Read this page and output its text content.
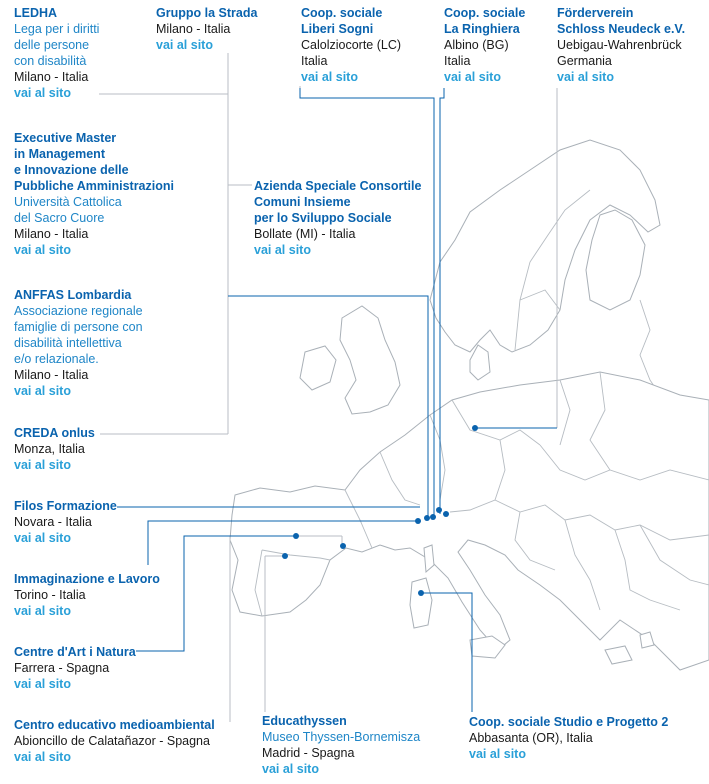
LEDHA
Lega per i diritti
delle persone
con disabilità
Milano - Italia
vai al sito
Gruppo la Strada
Milano - Italia
vai al sito
Coop. sociale
Liberi Sogni
Calolziocorte (LC)
Italia
vai al sito
Coop. sociale
La Ringhiera
Albino (BG)
Italia
vai al sito
Förderverein
Schloss Neudeck e.V.
Uebigau-Wahrenbrück
Germania
vai al sito
Executive Master
in Management
e Innovazione delle
Pubbliche Amministrazioni
Università Cattolica
del Sacro Cuore
Milano - Italia
vai al sito
Azienda Speciale Consortile
Comuni Insieme
per lo Sviluppo Sociale
Bollate (MI) - Italia
vai al sito
ANFFAS Lombardia
Associazione regionale
famiglie di persone con
disabilità intellettiva
e/o relazionale.
Milano - Italia
vai al sito
CREDA onlus
Monza, Italia
vai al sito
Filos Formazione
Novara - Italia
vai al sito
Immaginazione e Lavoro
Torino - Italia
vai al sito
Centre d'Art i Natura
Farrera - Spagna
vai al sito
Centro educativo medioambiental
Abioncillo de Calatañazor - Spagna
vai al sito
Educathyssen
Museo Thyssen-Bornemisza
Madrid - Spagna
vai al sito
Coop. sociale Studio e Progetto 2
Abbasanta (OR), Italia
vai al sito
